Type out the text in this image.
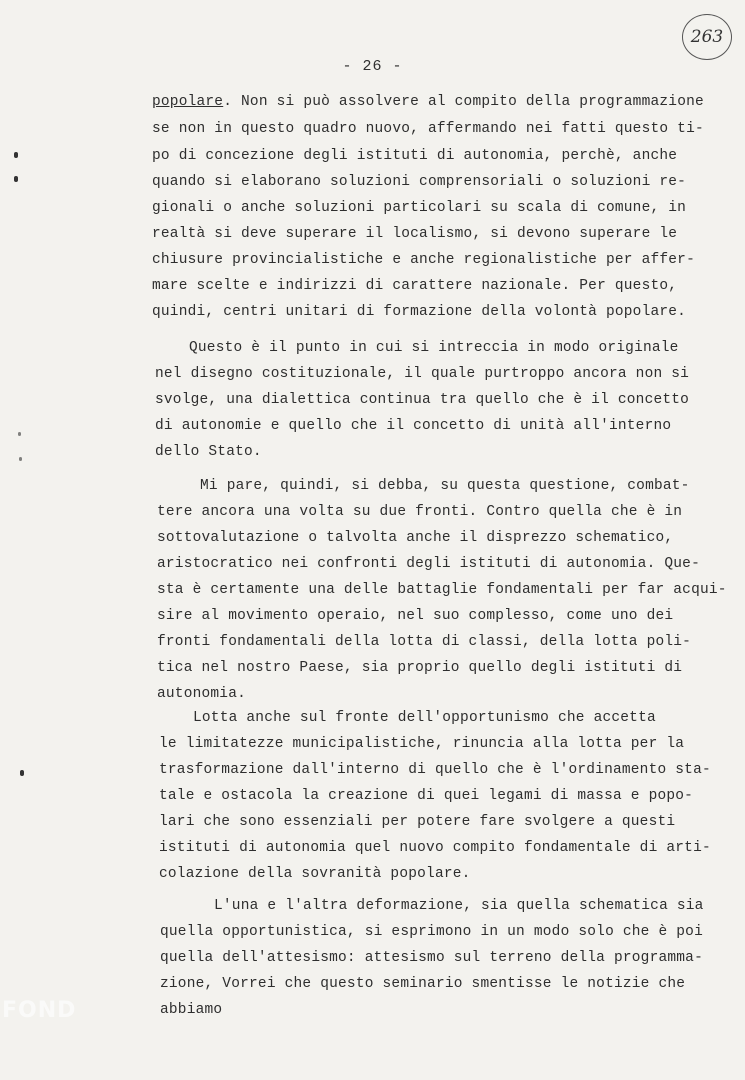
263
- 26 -
popolare. Non si può assolvere al compito della programmazione
se non in questo quadro nuovo, affermando nei fatti questo ti-
po di concezione degli istituti di autonomia, perchè, anche
quando si elaborano soluzioni comprensoriali o soluzioni re-
gionali o anche soluzioni particolari su scala di comune, in
realtà si deve superare il localismo, si devono superare le
chiusure provincialistiche e anche regionalistiche per affer-
mare scelte e indirizzi di carattere nazionale. Per questo,
quindi, centri unitari di formazione della volontà popolare.
Questo è il punto in cui si intreccia in modo originale
nel disegno costituzionale, il quale purtroppo ancora non si
svolge, una dialettica continua tra quello che è il concetto
di autonomie e quello che il concetto di unità all'interno
dello Stato.
Mi pare, quindi, si debba, su questa questione, combat-
tere ancora una volta su due fronti. Contro quella che è in
sottovalutazione o talvolta anche il disprezzo schematico,
aristocratico nei confronti degli istituti di autonomia. Que-
sta è certamente una delle battaglie fondamentali per far acqui-
sire al movimento operaio, nel suo complesso, come uno dei
fronti fondamentali della lotta di classi, della lotta poli-
tica nel nostro Paese, sia proprio quello degli istituti di
autonomia.
Lotta anche sul fronte dell'opportunismo che accetta
le limitatezze municipalistiche, rinuncia alla lotta per la
trasformazione dall'interno di quello che è l'ordinamento sta-
tale e ostacola la creazione di quei legami di massa e popo-
lari che sono essenziali per potere fare svolgere a questi
istituti di autonomia quel nuovo compito fondamentale di arti-
colazione della sovranità popolare.
L'una e l'altra deformazione, sia quella schematica sia
quella opportunistica, si esprimono in un modo solo che è poi
quella dell'attesismo: attesismo sul terreno della programma-
zione, Vorrei che questo seminario smentisse le notizie che
abbiamo
FOND
